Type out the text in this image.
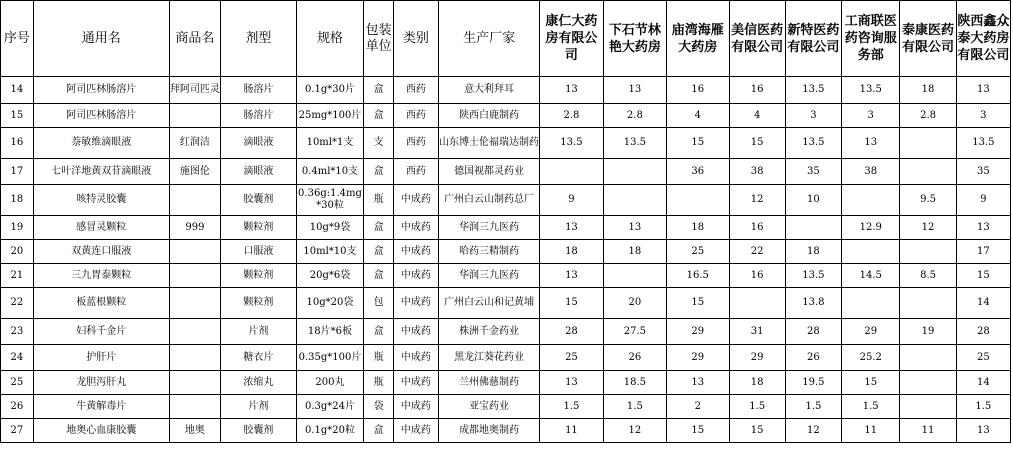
序号	通用名	商品名	剂型	规格	包装单位	类别	生产厂家	康仁大药房有限公司	下石节林艳大药房	庙湾海雁大药房	美信医药有限公司	新特医药有限公司	工商联医药咨询服务部	泰康医药有限公司	陕西鑫众泰大药房有限公司

14	阿司匹林肠溶片	拜阿司匹灵	肠溶片	0.1g*30片	盒	西药	意大利拜耳	13	13	16	16	13.5	13.5	18	13
15	阿司匹林肠溶片		肠溶片	25mg*100片	盒	西药	陕西白鹿制药	2.8	2.8	4	4	3	3	2.8	3
16	萘敏维滴眼液	红润洁	滴眼液	10ml*1支	支	西药	山东博士伦福瑞达制药	13.5	13.5	15	15	13.5	13		13.5
17	七叶洋地黄双苷滴眼液	施图伦	滴眼液	0.4ml*10支	盒	西药	德国视都灵药业			36	38	35	38		35
18	咳特灵胶囊		胶囊剂	0.36g:1.4mg*30粒	瓶	中成药	广州白云山制药总厂	9			12	10		9.5	9
19	感冒灵颗粒	999	颗粒剂	10g*9袋	盒	中成药	华润三九医药	13	13	18	16		12.9	12	13
20	双黄连口服液		口服液	10ml*10支	盒	中成药	哈药三精制药	18	18	25	22	18			17
21	三九胃泰颗粒		颗粒剂	20g*6袋	盒	中成药	华润三九医药	13		16.5	16	13.5	14.5	8.5	15
22	板蓝根颗粒		颗粒剂	10g*20袋	包	中成药	广州白云山和记黄埔	15	20	15		13.8			14
23	妇科千金片		片剂	18片*6板	盒	中成药	株洲千金药业	28	27.5	29	31	28	29	19	28
24	护肝片		糖衣片	0.35g*100片	瓶	中成药	黑龙江葵花药业	25	26	29	29	26	25.2		25
25	龙胆泻肝丸		浓缩丸	200丸	瓶	中成药	兰州佛慈制药	13	18.5	13	18	19.5	15		14
26	牛黄解毒片		片剂	0.3g*24片	袋	中成药	亚宝药业	1.5	1.5	2	1.5	1.5	1.5		1.5
27	地奥心血康胶囊	地奥	胶囊剂	0.1g*20粒	盒	中成药	成都地奥制药	11	12	15	15	12	11	11	13
